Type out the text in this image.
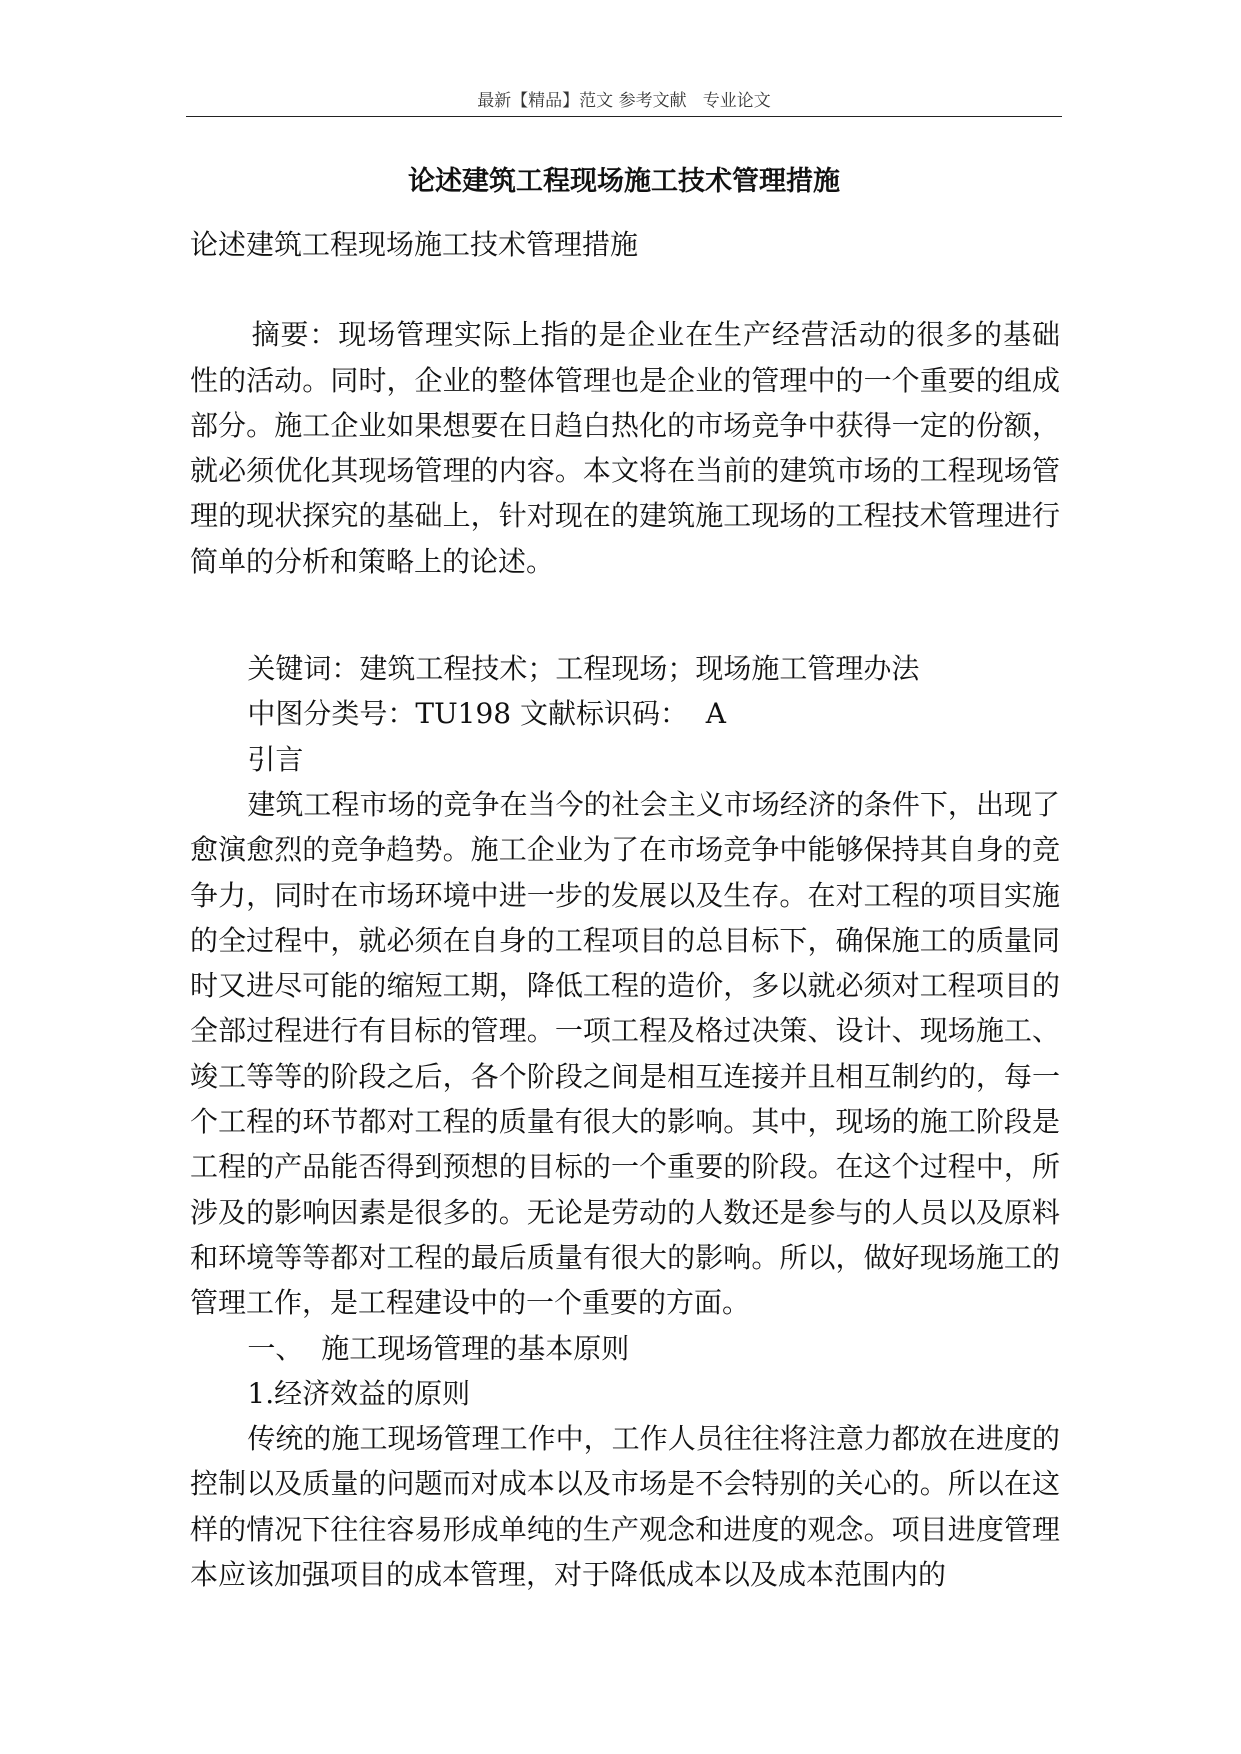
最新【精品】范文 参考文献   专业论文
论述建筑工程现场施工技术管理措施

论述建筑工程现场施工技术管理措施

摘要：现场管理实际上指的是企业在生产经营活动的很多的基础性的活动。同时，企业的整体管理也是企业的管理中的一个重要的组成部分。施工企业如果想要在日趋白热化的市场竞争中获得一定的份额，就必须优化其现场管理的内容。本文将在当前的建筑市场的工程现场管理的现状探究的基础上，针对现在的建筑施工现场的工程技术管理进行简单的分析和策略上的论述。

关键词：建筑工程技术；工程现场；现场施工管理办法

中图分类号：TU198 文献标识码：  A

引言

建筑工程市场的竞争在当今的社会主义市场经济的条件下，出现了愈演愈烈的竞争趋势。施工企业为了在市场竞争中能够保持其自身的竞争力，同时在市场环境中进一步的发展以及生存。在对工程的项目实施的全过程中，就必须在自身的工程项目的总目标下，确保施工的质量同时又进尽可能的缩短工期，降低工程的造价，多以就必须对工程项目的全部过程进行有目标的管理。一项工程及格过决策、设计、现场施工、竣工等等的阶段之后，各个阶段之间是相互连接并且相互制约的，每一个工程的环节都对工程的质量有很大的影响。其中，现场的施工阶段是工程的产品能否得到预想的目标的一个重要的阶段。在这个过程中，所涉及的影响因素是很多的。无论是劳动的人数还是参与的人员以及原料和环境等等都对工程的最后质量有很大的影响。所以，做好现场施工的管理工作，是工程建设中的一个重要的方面。

一、  施工现场管理的基本原则

1.经济效益的原则

传统的施工现场管理工作中，工作人员往往将注意力都放在进度的控制以及质量的问题而对成本以及市场是不会特别的关心的。所以在这样的情况下往往容易形成单纯的生产观念和进度的观念。项目进度管理本应该加强项目的成本管理，对于降低成本以及成本范围内的
